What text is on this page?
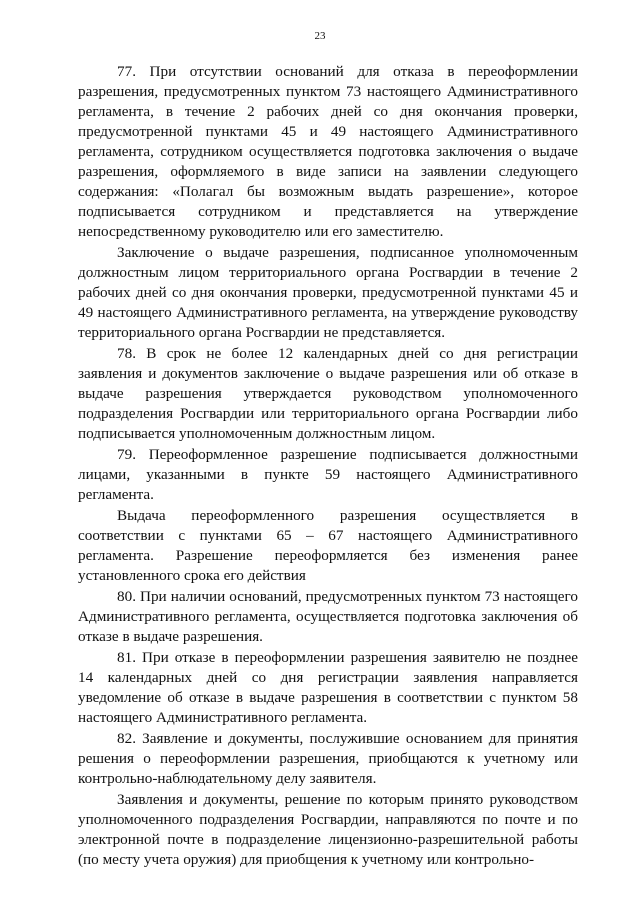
23

77. При отсутствии оснований для отказа в переоформлении разрешения, предусмотренных пунктом 73 настоящего Административного регламента, в течение 2 рабочих дней со дня окончания проверки, предусмотренной пунктами 45 и 49 настоящего Административного регламента, сотрудником осуществляется подготовка заключения о выдаче разрешения, оформляемого в виде записи на заявлении следующего содержания: «Полагал бы возможным выдать разрешение», которое подписывается сотрудником и представляется на утверждение непосредственному руководителю или его заместителю.

Заключение о выдаче разрешения, подписанное уполномоченным должностным лицом территориального органа Росгвардии в течение 2 рабочих дней со дня окончания проверки, предусмотренной пунктами 45 и 49 настоящего Административного регламента, на утверждение руководству территориального органа Росгвардии не представляется.

78. В срок не более 12 календарных дней со дня регистрации заявления и документов заключение о выдаче разрешения или об отказе в выдаче разрешения утверждается руководством уполномоченного подразделения Росгвардии или территориального органа Росгвардии либо подписывается уполномоченным должностным лицом.

79. Переоформленное разрешение подписывается должностными лицами, указанными в пункте 59 настоящего Административного регламента.

Выдача переоформленного разрешения осуществляется в соответствии с пунктами 65 – 67 настоящего Административного регламента. Разрешение переоформляется без изменения ранее установленного срока его действия

80. При наличии оснований, предусмотренных пунктом 73 настоящего Административного регламента, осуществляется подготовка заключения об отказе в выдаче разрешения.

81. При отказе в переоформлении разрешения заявителю не позднее 14 календарных дней со дня регистрации заявления направляется уведомление об отказе в выдаче разрешения в соответствии с пунктом 58 настоящего Административного регламента.

82. Заявление и документы, послужившие основанием для принятия решения о переоформлении разрешения, приобщаются к учетному или контрольно-наблюдательному делу заявителя.

Заявления и документы, решение по которым принято руководством уполномоченного подразделения Росгвардии, направляются по почте и по электронной почте в подразделение лицензионно-разрешительной работы (по месту учета оружия) для приобщения к учетному или контрольно-
